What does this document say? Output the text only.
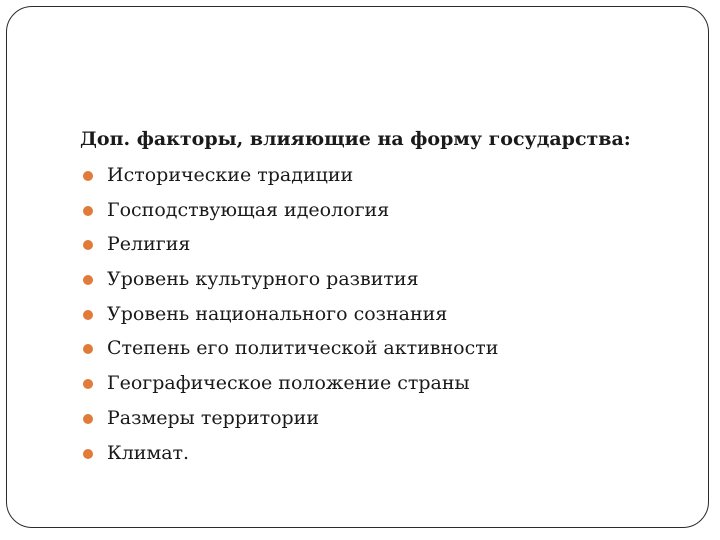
Доп. факторы, влияющие на форму государства:
Исторические традиции
Господствующая идеология
Религия
Уровень культурного развития
Уровень национального сознания
Степень его политической активности
Географическое положение страны
Размеры территории
Климат.
